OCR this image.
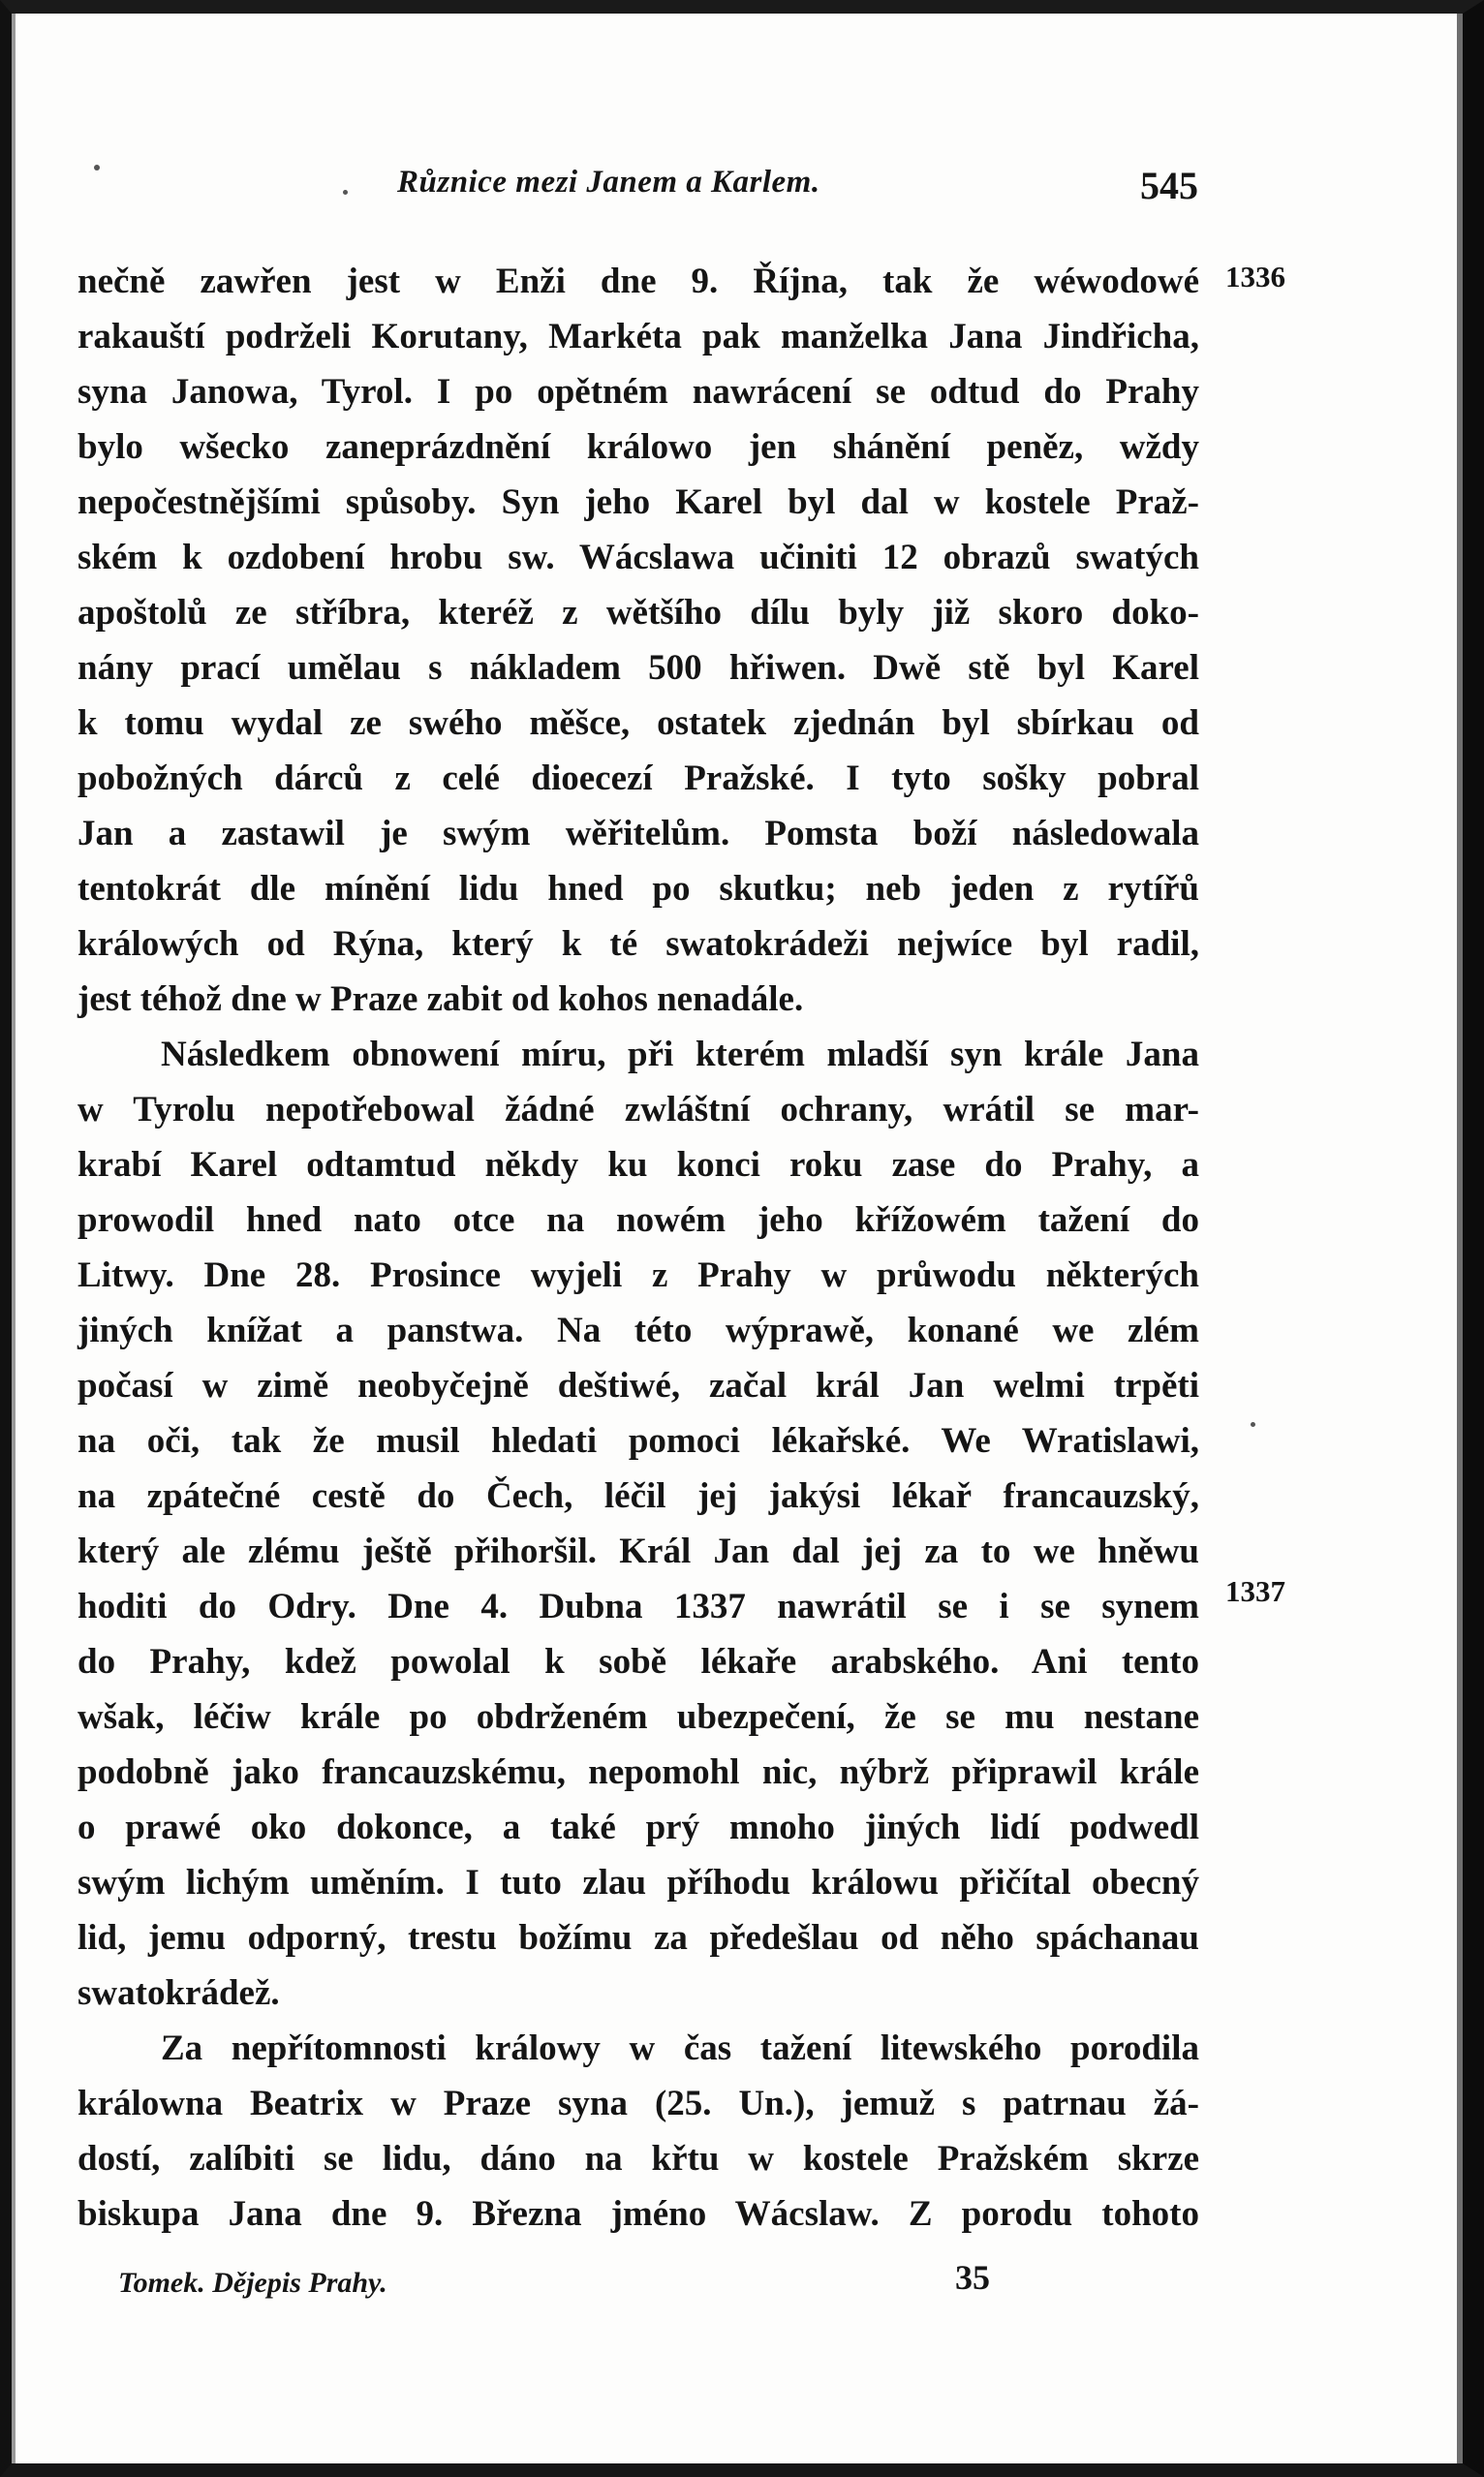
Různice mezi Janem a Karlem.	545
1336
1337
nečně zawřen jest w Enži dne 9. Října, tak že wéwodowé
rakauští podrželi Korutany, Markéta pak manželka Jana Jindřicha,
syna Janowa, Tyrol. I po opětném nawrácení se odtud do Prahy
bylo wšecko zaneprázdnění králowo jen shánění peněz, wždy
nepočestnějšími spůsoby. Syn jeho Karel byl dal w kostele Praž-
ském k ozdobení hrobu sw. Wácslawa učiniti 12 obrazů swatých
apoštolů ze stříbra, kteréž z wětšího dílu byly již skoro doko-
nány prací umělau s nákladem 500 hřiwen. Dwě stě byl Karel
k tomu wydal ze swého měšce, ostatek zjednán byl sbírkau od
pobožných dárců z celé dioecezí Pražské. I tyto sošky pobral
Jan a zastawil je swým wěřitelům. Pomsta boží následowala
tentokrát dle mínění lidu hned po skutku; neb jeden z rytířů
králowých od Rýna, který k té swatokrádeži nejwíce byl radil,
jest téhož dne w Praze zabit od kohos nenadále.
Následkem obnowení míru, při kterém mladší syn krále Jana
w Tyrolu nepotřebowal žádné zwláštní ochrany, wrátil se mar-
krabí Karel odtamtud někdy ku konci roku zase do Prahy, a
prowodil hned nato otce na nowém jeho křížowém tažení do
Litwy. Dne 28. Prosince wyjeli z Prahy w průwodu některých
jiných knížat a panstwa. Na této wýprawě, konané we zlém
počasí w zimě neobyčejně deštiwé, začal král Jan welmi trpěti
na oči, tak že musil hledati pomoci lékařské. We Wratislawi,
na zpátečné cestě do Čech, léčil jej jakýsi lékař francauzský,
který ale zlému ještě přihoršil. Král Jan dal jej za to we hněwu
hoditi do Odry. Dne 4. Dubna 1337 nawrátil se i se synem
do Prahy, kdež powolal k sobě lékaře arabského. Ani tento
wšak, léčiw krále po obdrženém ubezpečení, že se mu nestane
podobně jako francauzskému, nepomohl nic, nýbrž připrawil krále
o prawé oko dokonce, a také prý mnoho jiných lidí podwedl
swým lichým uměním. I tuto zlau příhodu králowu přičítal obecný
lid, jemu odporný, trestu božímu za předešlau od něho spáchanau
swatokrádež.
Za nepřítomnosti králowy w čas tažení litewského porodila
králowna Beatrix w Praze syna (25. Un.), jemuž s patrnau žá-
dostí, zalíbiti se lidu, dáno na křtu w kostele Pražském skrze
biskupa Jana dne 9. Března jméno Wácslaw. Z porodu tohoto
Tomek. Dějepis Prahy.	35
